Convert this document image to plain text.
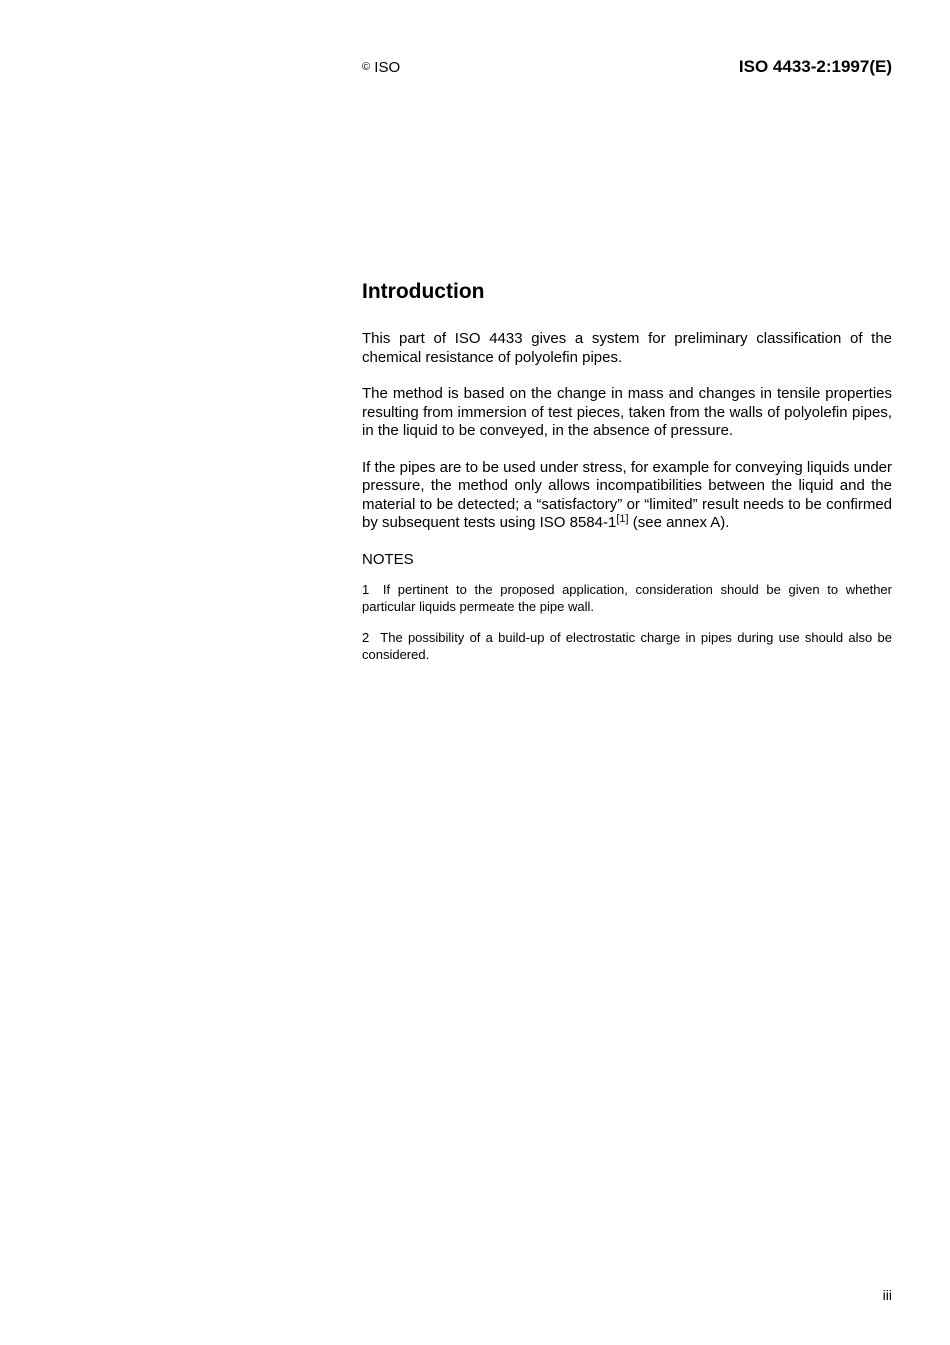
© ISO	ISO 4433-2:1997(E)
Introduction

This part of ISO 4433 gives a system for preliminary classification of the chemical resistance of polyolefin pipes.

The method is based on the change in mass and changes in tensile properties resulting from immersion of test pieces, taken from the walls of polyolefin pipes, in the liquid to be conveyed, in the absence of pressure.

If the pipes are to be used under stress, for example for conveying liquids under pressure, the method only allows incompatibilities between the liquid and the material to be detected; a “satisfactory” or “limited” result needs to be confirmed by subsequent tests using ISO 8584-1[1] (see annex A).

NOTES

1 If pertinent to the proposed application, consideration should be given to whether particular liquids permeate the pipe wall.

2 The possibility of a build-up of electrostatic charge in pipes during use should also be considered.

iii
